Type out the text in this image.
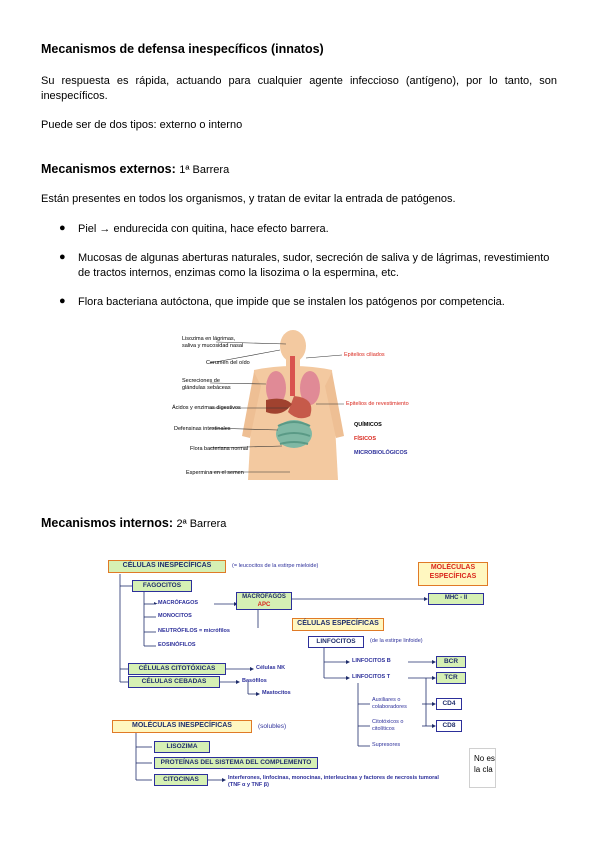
Mecanismos de defensa inespecíficos (innatos)
Su respuesta es rápida, actuando para cualquier agente infeccioso (antígeno), por lo tanto, son inespecíficos.
Puede ser de dos tipos: externo o interno
Mecanismos externos: 1ª Barrera
Están presentes en todos los organismos, y tratan de evitar la entrada de patógenos.
● Piel → endurecida con quitina, hace efecto barrera.
● Mucosas de algunas aberturas naturales, sudor, secreción de saliva y de lágrimas, revestimiento de tractos internos, enzimas como la lisozima o la espermina, etc.
● Flora bacteriana autóctona, que impide que se instalen los patógenos por competencia.
Lisozima en lágrimas, saliva y mucosidad nasal
Cerumen del oído
Secreciones de glándulas sebáceas
Ácidos y enzimas digestivos
Defensinas intestinales
Flora bacteriana normal
Espermina en el semen
Epitelios ciliados
Epitelios de revestimiento
QUÍMICOS
FÍSICOS
MICROBIOLÓGICOS
Mecanismos internos: 2ª Barrera
CÉLULAS INESPECÍFICAS	(= leucocitos de la estirpe mieloide)	MOLÉCULAS ESPECÍFICAS
FAGOCITOS
MACRÓFAGOS
MACRÓFAGOS
APC
MHC - II
MONOCITOS
NEUTRÓFILOS = micrófilos
EOSINÓFILOS
CÉLULAS ESPECÍFICAS
LINFOCITOS	(de la estirpe linfoide)
CÉLULAS CITOTÓXICAS	Células NK
CÉLULAS CEBADAS	Basófilos
Mastocitos
LINFOCITOS B	BCR
LINFOCITOS T	TCR
Auxiliares o colaboradores	CD4
Citotóxicos o citolíticos	CD8
Supresores
MOLÉCULAS INESPECÍFICAS	(solubles)
LISOZIMA
PROTEÍNAS DEL SISTEMA DEL COMPLEMENTO
CITOCINAS	Interferones, linfocinas, monocinas, interleucinas y factores de necrosis tumoral (TNF α y TNF β)
No es
la cla
